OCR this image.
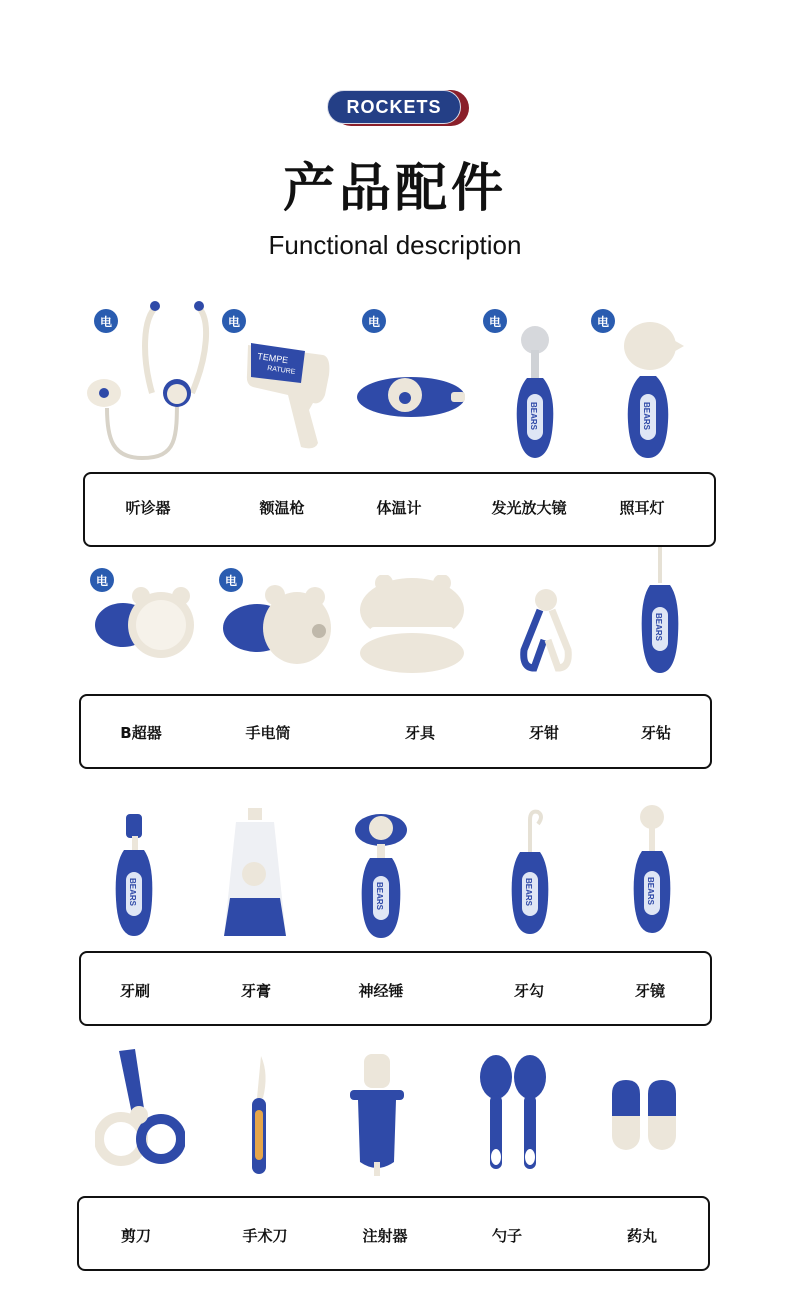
ROCKETS
产品配件
Functional description
电	电	电	电	电
TEMPE
RATURE
BEARS	BEARS
听诊器	额温枪	体温计	发光放大镜	照耳灯
电	电
BEARS
B超器	手电筒	牙具	牙钳	牙钻
BEARS	BEARS	BEARS	BEARS
牙刷	牙膏	神经锤	牙勾	牙镜
剪刀	手术刀	注射器	勺子	药丸
